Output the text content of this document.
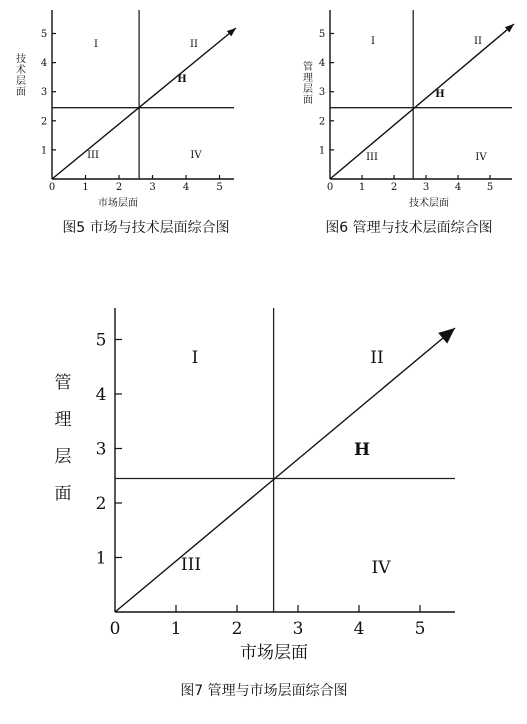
0	1	2	3	4	5
1
2
3
4
5
I	II
III	IV
H
技术层面
市场层面
图5 市场与技术层面综合图
0	1	2	3	4	5
1
2
3
4
5
I	II
III	IV
H
管理层面
技术层面
图6 管理与技术层面综合图
0	1	2	3	4	5
1
2
3
4
5
I	II
III	IV
H
管理层面
市场层面
图7 管理与市场层面综合图
